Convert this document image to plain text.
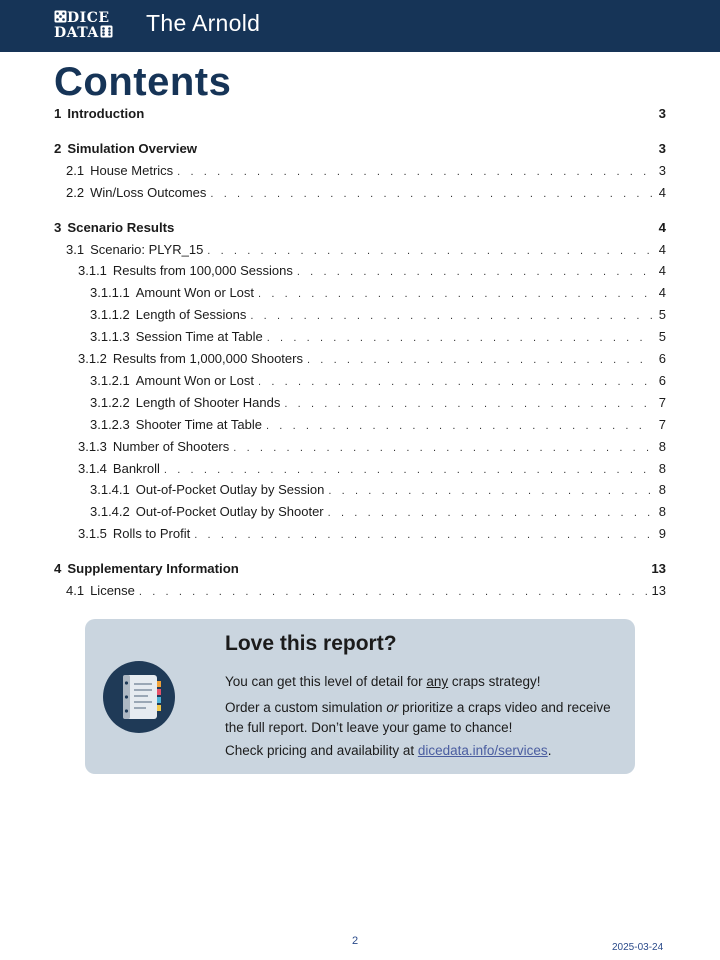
DICE
DATA	The Arnold
Contents
1 Introduction	3
2 Simulation Overview	3
2.1 House Metrics . . .	3
2.2 Win/Loss Outcomes . . .	4
3 Scenario Results	4
3.1 Scenario: PLYR_15 . . .	4
3.1.1 Results from 100,000 Sessions . . .	4
3.1.1.1 Amount Won or Lost . . .	4
3.1.1.2 Length of Sessions . . .	5
3.1.1.3 Session Time at Table . . .	5
3.1.2 Results from 1,000,000 Shooters . . .	6
3.1.2.1 Amount Won or Lost . . .	6
3.1.2.2 Length of Shooter Hands . . .	7
3.1.2.3 Shooter Time at Table . . .	7
3.1.3 Number of Shooters . . .	8
3.1.4 Bankroll . . .	8
3.1.4.1 Out-of-Pocket Outlay by Session . . .	8
3.1.4.2 Out-of-Pocket Outlay by Shooter . . .	8
3.1.5 Rolls to Profit . . .	9
4 Supplementary Information	13
4.1 License . . .	13
Love this report?
You can get this level of detail for any craps strategy!
Order a custom simulation or prioritize a craps video and receive the full report. Don’t leave your game to chance!
Check pricing and availability at dicedata.info/services.
2
2025-03-24
